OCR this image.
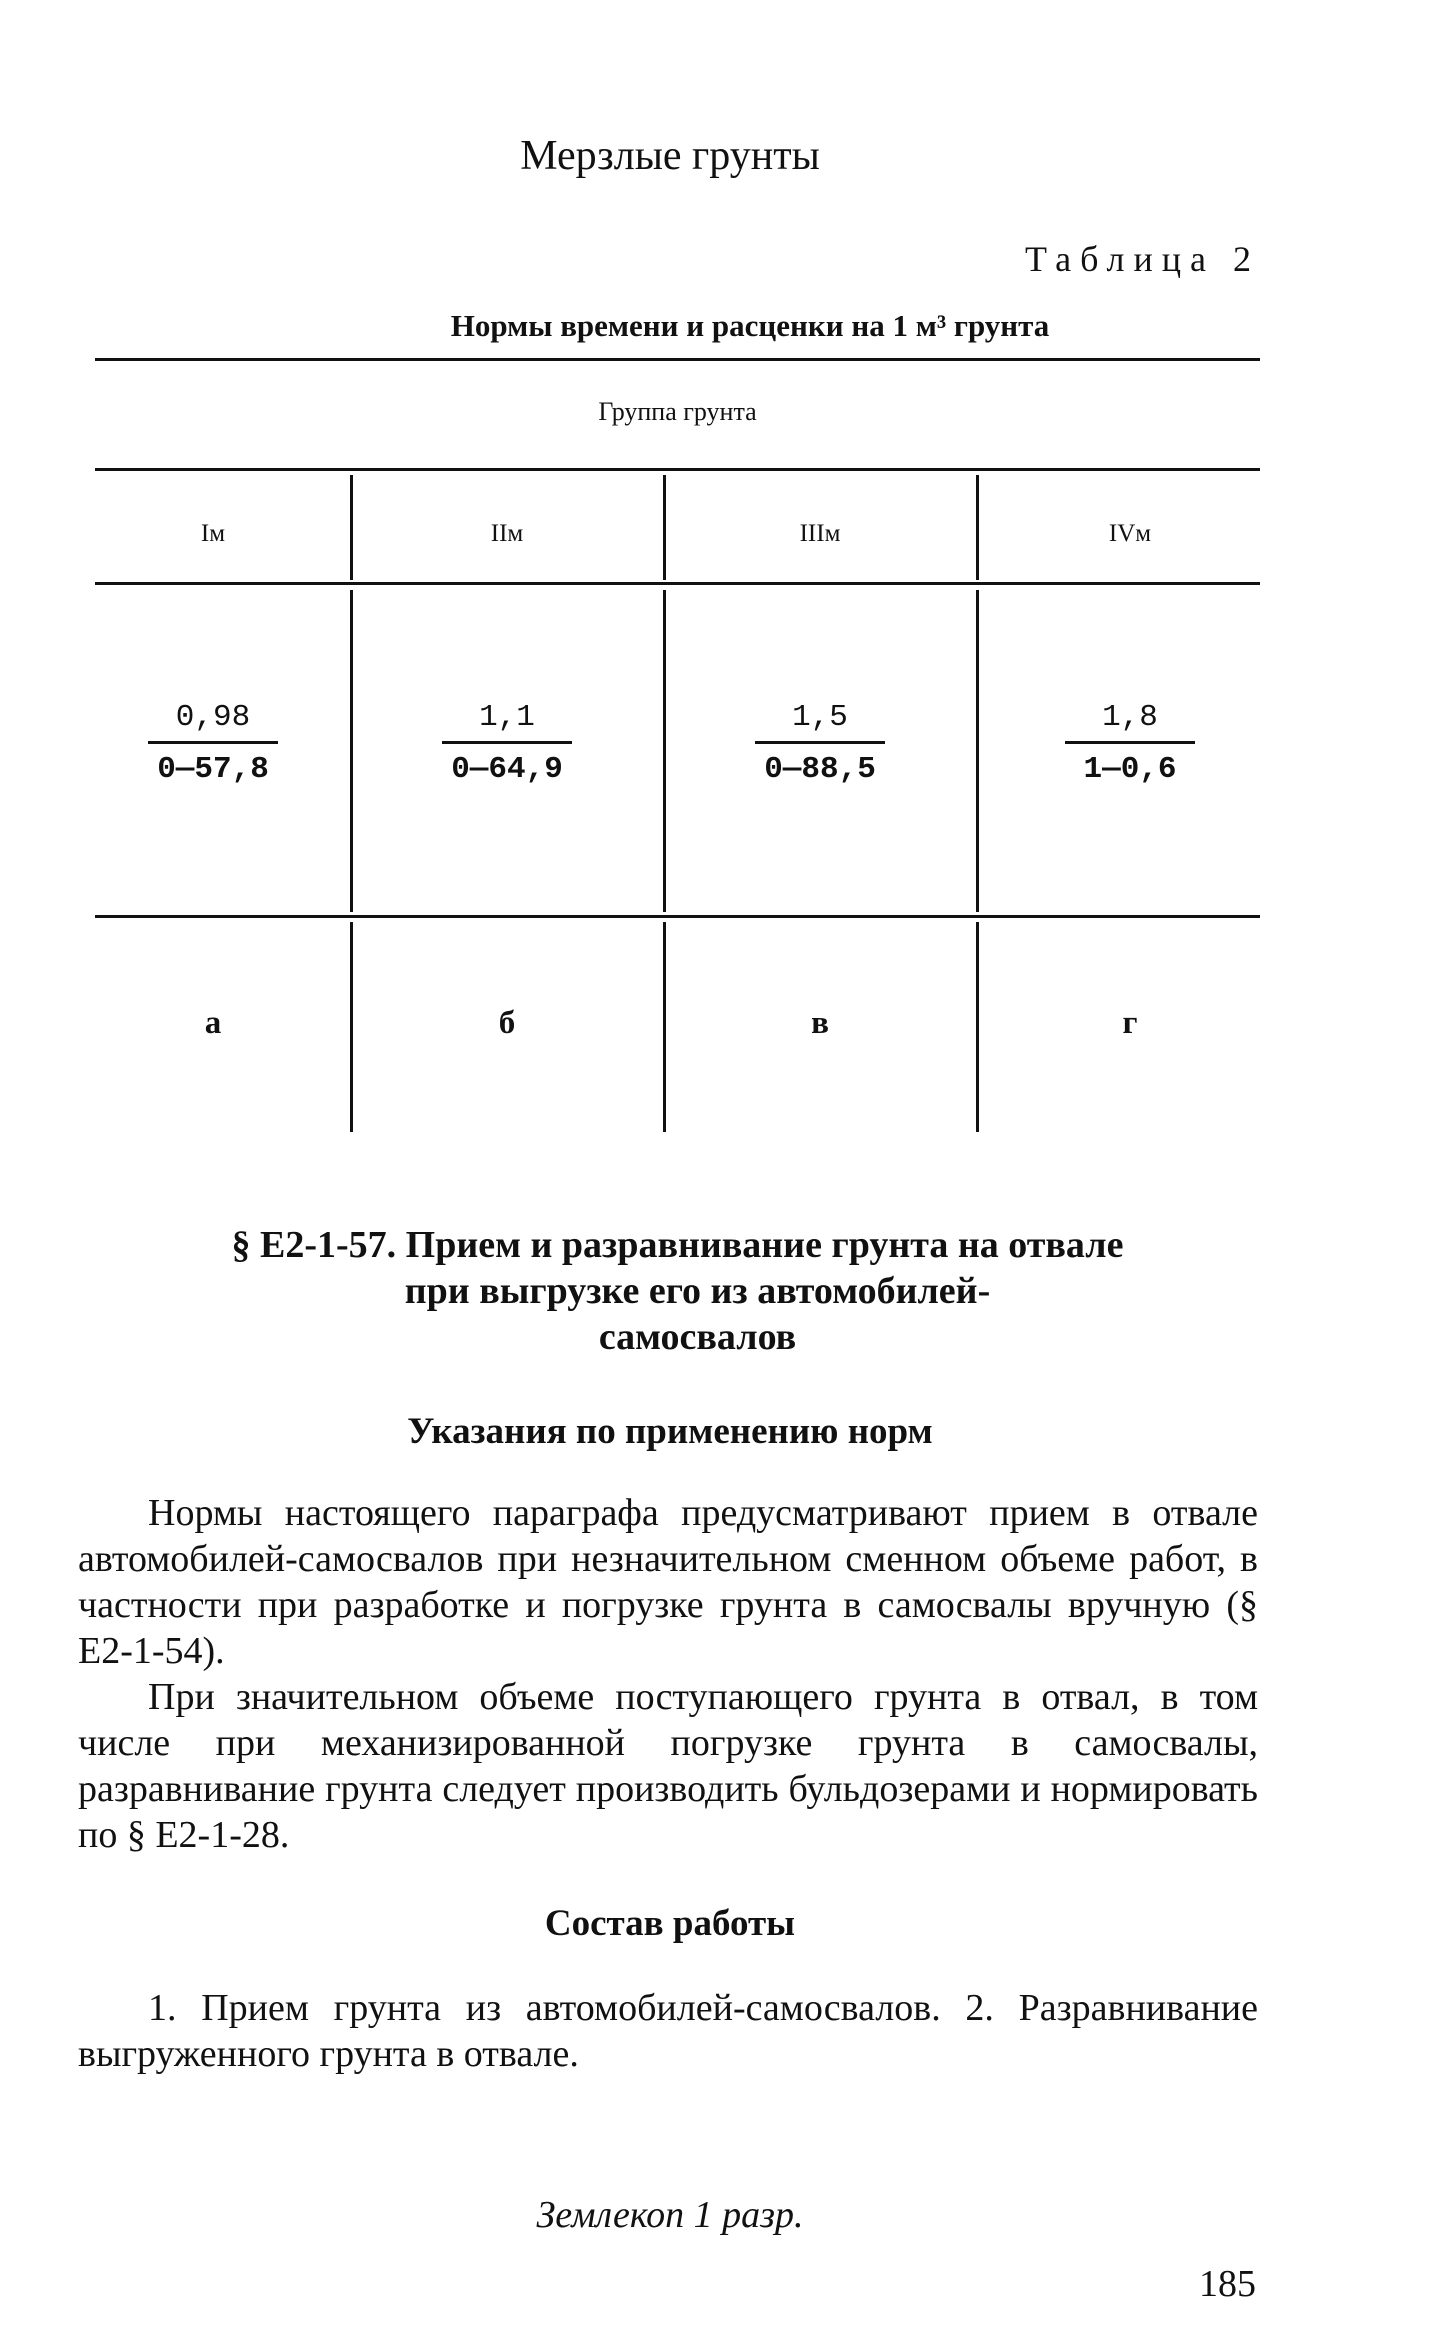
Мерзлые грунты
Таблица 2
Нормы времени и расценки на 1 м³ грунта
Группа грунта
Iм	IIм	IIIм	IVм
$\frac{0,98}{0—57,8}$	$\frac{1,1}{0—64,9}$	$\frac{1,5}{0—88,5}$	$\frac{1,8}{1—0,6}$
а	б	в	г
§ Е2-1-57. Прием и разравнивание грунта на отвале
при выгрузке его из автомобилей-
самосвалов
Указания по применению норм

Нормы настоящего параграфа предусматривают прием в отвале автомобилей-самосвалов при незначительном сменном объеме работ, в частности при разработке и погрузке грунта в самосвалы вручную (§ Е2-1-54).

При значительном объеме поступающего грунта в отвал, в том числе при механизированной погрузке грунта в самосвалы, разравнивание грунта следует производить бульдозерами и нормировать по § Е2-1-28.

Состав работы

1. Прием грунта из автомобилей-самосвалов. 2. Разравнивание выгруженного грунта в отвале.

Землекоп 1 разр.
185
